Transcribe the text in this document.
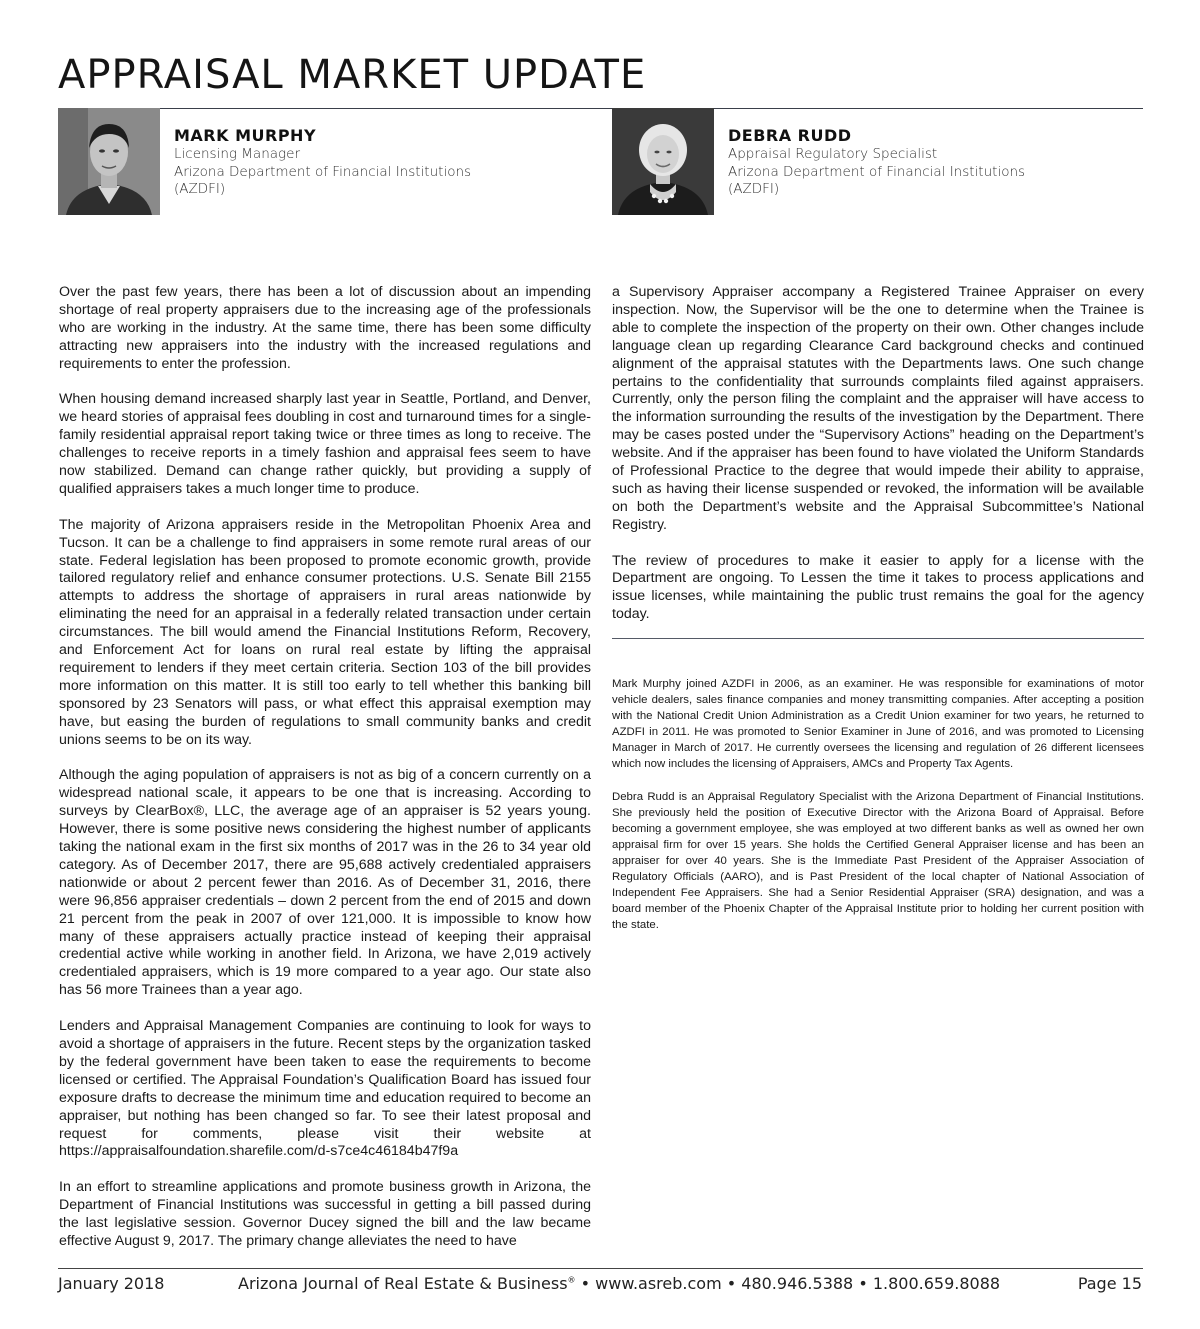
APPRAISAL MARKET UPDATE
MARK MURPHY
Licensing Manager
Arizona Department of Financial Institutions
(AZDFI)
DEBRA RUDD
Appraisal Regulatory Specialist
Arizona Department of Financial Institutions
(AZDFI)

Over the past few years, there has been a lot of discussion about an impending shortage of real property appraisers due to the increasing age of the professionals who are working in the industry. At the same time, there has been some difficulty attracting new appraisers into the industry with the increased regulations and requirements to enter the profession.

When housing demand increased sharply last year in Seattle, Portland, and Denver, we heard stories of appraisal fees doubling in cost and turnaround times for a single-family residential appraisal report taking twice or three times as long to receive. The challenges to receive reports in a timely fashion and appraisal fees seem to have now stabilized. Demand can change rather quickly, but providing a supply of qualified appraisers takes a much longer time to produce.

The majority of Arizona appraisers reside in the Metropolitan Phoenix Area and Tucson. It can be a challenge to find appraisers in some remote rural areas of our state. Federal legislation has been proposed to promote economic growth, provide tailored regulatory relief and enhance consumer protections. U.S. Senate Bill 2155 attempts to address the shortage of appraisers in rural areas nationwide by eliminating the need for an appraisal in a federally related transaction under certain circumstances. The bill would amend the Financial Institutions Reform, Recovery, and Enforcement Act for loans on rural real estate by lifting the appraisal requirement to lenders if they meet certain criteria. Section 103 of the bill provides more information on this matter. It is still too early to tell whether this banking bill sponsored by 23 Senators will pass, or what effect this appraisal exemption may have, but easing the burden of regulations to small community banks and credit unions seems to be on its way.

Although the aging population of appraisers is not as big of a concern currently on a widespread national scale, it appears to be one that is increasing. According to surveys by ClearBox®, LLC, the average age of an appraiser is 52 years young. However, there is some positive news considering the highest number of applicants taking the national exam in the first six months of 2017 was in the 26 to 34 year old category. As of December 2017, there are 95,688 actively credentialed appraisers nationwide or about 2 percent fewer than 2016. As of December 31, 2016, there were 96,856 appraiser credentials – down 2 percent from the end of 2015 and down 21 percent from the peak in 2007 of over 121,000. It is impossible to know how many of these appraisers actually practice instead of keeping their appraisal credential active while working in another field. In Arizona, we have 2,019 actively credentialed appraisers, which is 19 more compared to a year ago. Our state also has 56 more Trainees than a year ago.

Lenders and Appraisal Management Companies are continuing to look for ways to avoid a shortage of appraisers in the future. Recent steps by the organization tasked by the federal government have been taken to ease the requirements to become licensed or certified. The Appraisal Foundation’s Qualification Board has issued four exposure drafts to decrease the minimum time and education required to become an appraiser, but nothing has been changed so far. To see their latest proposal and request for comments, please visit their website at https://appraisalfoundation.sharefile.com/d-s7ce4c46184b47f9a

In an effort to streamline applications and promote business growth in Arizona, the Department of Financial Institutions was successful in getting a bill passed during the last legislative session. Governor Ducey signed the bill and the law became effective August 9, 2017. The primary change alleviates the need to have

a Supervisory Appraiser accompany a Registered Trainee Appraiser on every inspection. Now, the Supervisor will be the one to determine when the Trainee is able to complete the inspection of the property on their own. Other changes include language clean up regarding Clearance Card background checks and continued alignment of the appraisal statutes with the Departments laws. One such change pertains to the confidentiality that surrounds complaints filed against appraisers. Currently, only the person filing the complaint and the appraiser will have access to the information surrounding the results of the investigation by the Department. There may be cases posted under the “Supervisory Actions” heading on the Department’s website. And if the appraiser has been found to have violated the Uniform Standards of Professional Practice to the degree that would impede their ability to appraise, such as having their license suspended or revoked, the information will be available on both the Department’s website and the Appraisal Subcommittee’s National Registry.

The review of procedures to make it easier to apply for a license with the Department are ongoing. To Lessen the time it takes to process applications and issue licenses, while maintaining the public trust remains the goal for the agency today.

Mark Murphy joined AZDFI in 2006, as an examiner. He was responsible for examinations of motor vehicle dealers, sales finance companies and money transmitting companies. After accepting a position with the National Credit Union Administration as a Credit Union examiner for two years, he returned to AZDFI in 2011. He was promoted to Senior Examiner in June of 2016, and was promoted to Licensing Manager in March of 2017. He currently oversees the licensing and regulation of 26 different licensees which now includes the licensing of Appraisers, AMCs and Property Tax Agents.

Debra Rudd is an Appraisal Regulatory Specialist with the Arizona Department of Financial Institutions. She previously held the position of Executive Director with the Arizona Board of Appraisal. Before becoming a government employee, she was employed at two different banks as well as owned her own appraisal firm for over 15 years. She holds the Certified General Appraiser license and has been an appraiser for over 40 years. She is the Immediate Past President of the Appraiser Association of Regulatory Officials (AARO), and is Past President of the local chapter of National Association of Independent Fee Appraisers. She had a Senior Residential Appraiser (SRA) designation, and was a board member of the Phoenix Chapter of the Appraisal Institute prior to holding her current position with the state.

January 2018	Arizona Journal of Real Estate & Business® • www.asreb.com • 480.946.5388 • 1.800.659.8088	Page 15
